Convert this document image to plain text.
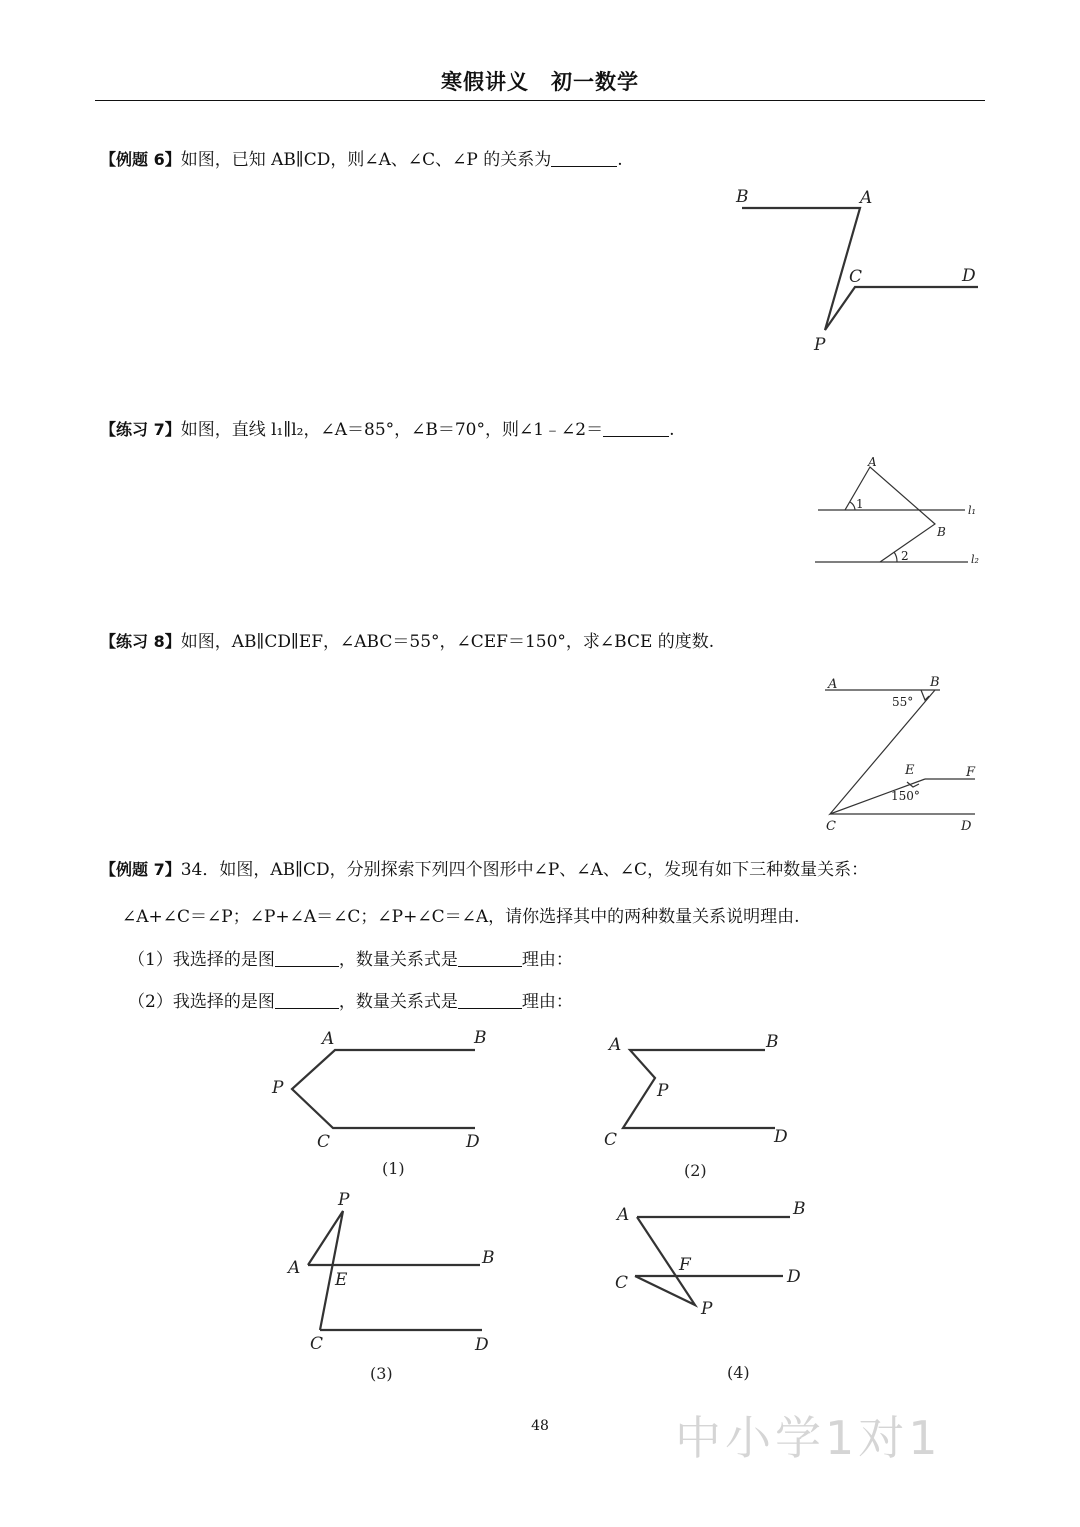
寒假讲义　初一数学
【例题 6】如图，已知 AB∥CD，则∠A、∠C、∠P 的关系为	.
B	A
C	D
P
【练习 7】如图，直线 l₁∥l₂，∠A＝85°，∠B＝70°，则∠1﹣∠2＝	.
A
B
1
2
l₁
l₂
【练习 8】如图，AB∥CD∥EF，∠ABC＝55°，∠CEF＝150°，求∠BCE 的度数.
A	B
E	F
C	D
55°
150°
【例题 7】34．如图，AB∥CD，分别探索下列四个图形中∠P、∠A、∠C，发现有如下三种数量关系：
∠A+∠C＝∠P；∠P+∠A＝∠C；∠P+∠C＝∠A，请你选择其中的两种数量关系说明理由.
（1）我选择的是图	，数量关系式是	理由：
（2）我选择的是图	，数量关系式是	理由：
A	B
P
C	D
(1)
A	B
P
C	D
(2)
P
A
E
B
C	D
(3)
A	B
F
C	D
P
(4)
48	中小学1对1
